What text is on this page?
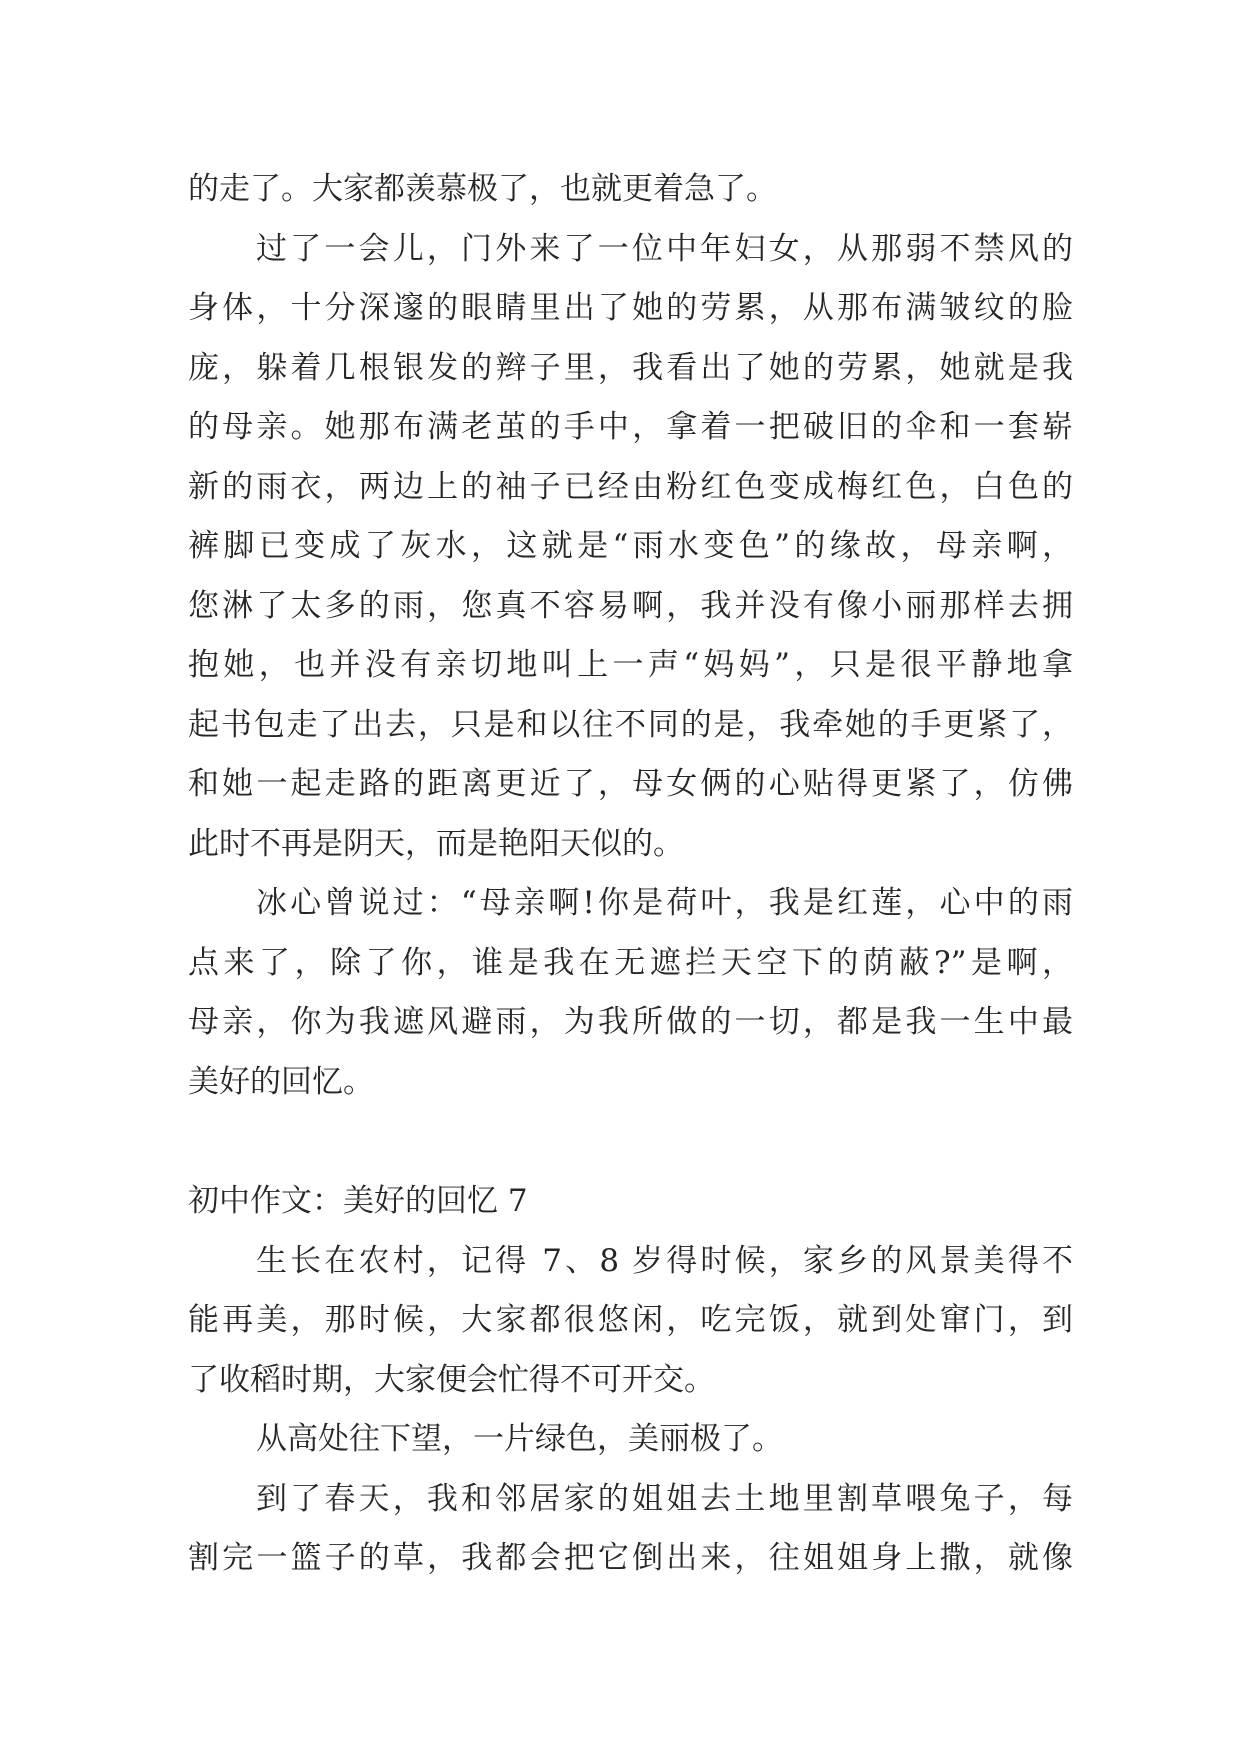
的走了。大家都羡慕极了，也就更着急了。
过了一会儿，门外来了一位中年妇女，从那弱不禁风的
身体，十分深邃的眼睛里出了她的劳累，从那布满皱纹的脸
庞，躲着几根银发的辫子里，我看出了她的劳累，她就是我
的母亲。她那布满老茧的手中，拿着一把破旧的伞和一套崭
新的雨衣，两边上的袖子已经由粉红色变成梅红色，白色的
裤脚已变成了灰水，这就是“雨水变色”的缘故，母亲啊，
您淋了太多的雨，您真不容易啊，我并没有像小丽那样去拥
抱她，也并没有亲切地叫上一声“妈妈”，只是很平静地拿
起书包走了出去，只是和以往不同的是，我牵她的手更紧了，
和她一起走路的距离更近了，母女俩的心贴得更紧了，仿佛
此时不再是阴天，而是艳阳天似的。
冰心曾说过：“母亲啊!你是荷叶，我是红莲，心中的雨
点来了，除了你，谁是我在无遮拦天空下的荫蔽?”是啊，
母亲，你为我遮风避雨，为我所做的一切，都是我一生中最
美好的回忆。
初中作文：美好的回忆 7
生长在农村，记得 7、8 岁得时候，家乡的风景美得不
能再美，那时候，大家都很悠闲，吃完饭，就到处窜门，到
了收稻时期，大家便会忙得不可开交。
从高处往下望，一片绿色，美丽极了。
到了春天，我和邻居家的姐姐去土地里割草喂兔子，每
割完一篮子的草，我都会把它倒出来，往姐姐身上撒，就像
